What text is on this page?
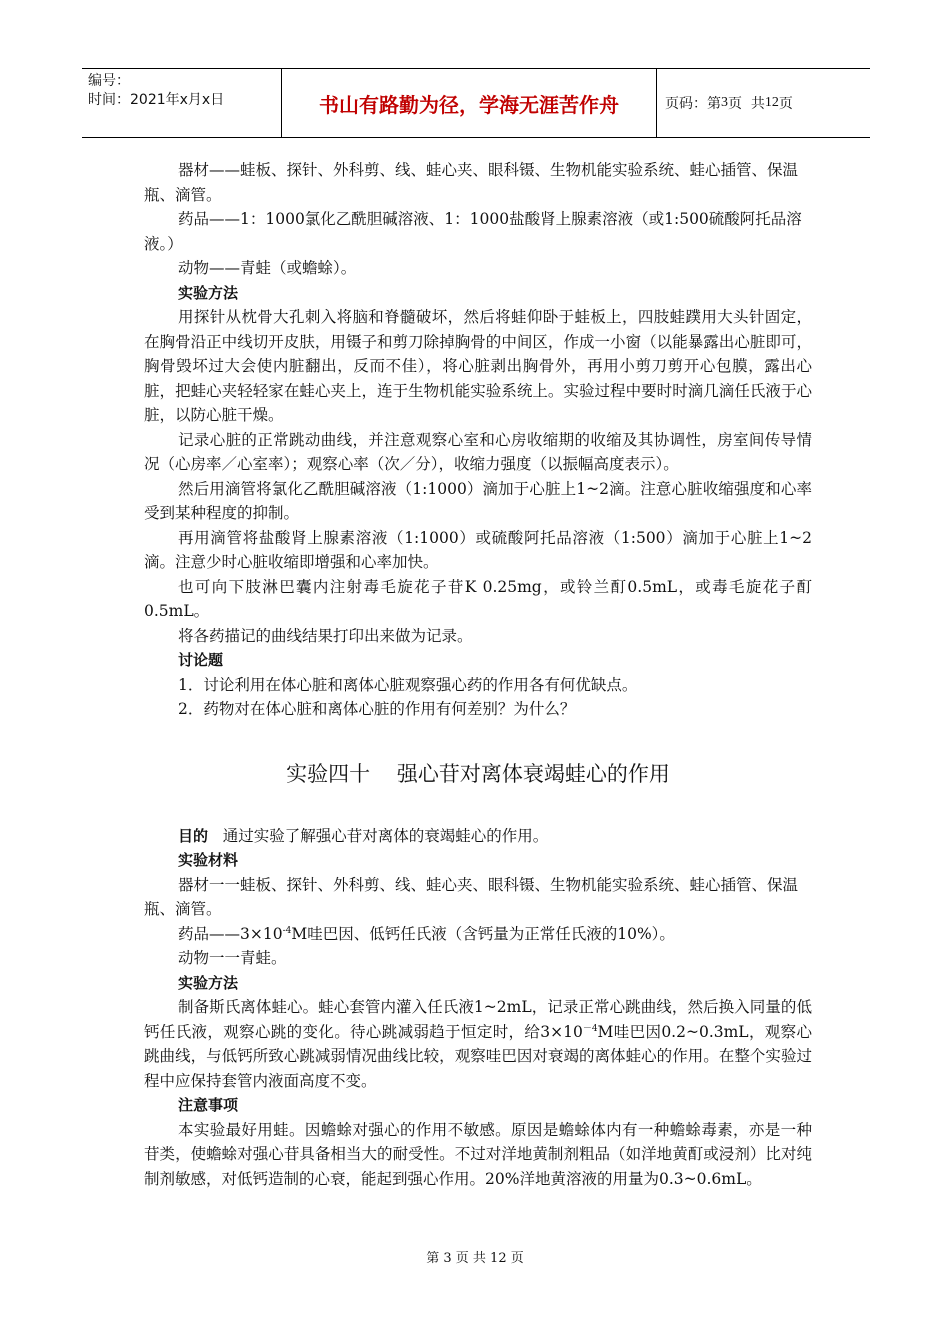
编号：
时间：2021年x月x日	书山有路勤为径，学海无涯苦作舟	页码：第 3 页  共 12 页

器材——蛙板、探针、外科剪、线、蛙心夹、眼科镊、生物机能实验系统、蛙心插管、保温瓶、滴管。

药品——1：1000氯化乙酰胆碱溶液、1：1000盐酸肾上腺素溶液（或1:500硫酸阿托品溶液。）

动物——青蛙（或蟾蜍）。

实验方法

用探针从枕骨大孔刺入将脑和脊髓破坏，然后将蛙仰卧于蛙板上，四肢蛙蹼用大头针固定，在胸骨沿正中线切开皮肤，用镊子和剪刀除掉胸骨的中间区，作成一小窗（以能暴露出心脏即可，胸骨毁坏过大会使内脏翻出，反而不佳），将心脏剥出胸骨外，再用小剪刀剪开心包膜，露出心脏，把蛙心夹轻轻家在蛙心夹上，连于生物机能实验系统上。实验过程中要时时滴几滴任氏液于心脏，以防心脏干燥。

记录心脏的正常跳动曲线，并注意观察心室和心房收缩期的收缩及其协调性，房室间传导情况（心房率／心室率）；观察心率（次／分），收缩力强度（以振幅高度表示）。

然后用滴管将氯化乙酰胆碱溶液（1:1000）滴加于心脏上1~2滴。注意心脏收缩强度和心率受到某种程度的抑制。

再用滴管将盐酸肾上腺素溶液（1:1000）或硫酸阿托品溶液（1:500）滴加于心脏上1~2滴。注意少时心脏收缩即增强和心率加快。

也可向下肢淋巴囊内注射毒毛旋花子苷K 0.25mg，或铃兰酊0.5mL，或毒毛旋花子酊0.5mL。

将各药描记的曲线结果打印出来做为记录。

讨论题

1．讨论利用在体心脏和离体心脏观察强心药的作用各有何优缺点。

2．药物对在体心脏和离体心脏的作用有何差别？为什么？

实验四十    强心苷对离体衰竭蛙心的作用

目的   通过实验了解强心苷对离体的衰竭蛙心的作用。

实验材料

器材一一蛙板、探针、外科剪、线、蛙心夹、眼科镊、生物机能实验系统、蛙心插管、保温瓶、滴管。

药品$——3\times 10^{-4}M$哇巴因、低钙任氏液（含钙量为正常任氏液的10%）。

动物一一青蛙。

实验方法

制备斯氏离体蛙心。蛙心套管内灌入任氏液1~2mL，记录正常心跳曲线，然后换入同量的低钙任氏液，观察心跳的变化。待心跳减弱趋于恒定时，给$3\times 10^{-4}M$哇巴因0.2~0.3mL，观察心跳曲线，与低钙所致心跳减弱情况曲线比较，观察哇巴因对衰竭的离体蛙心的作用。在整个实验过程中应保持套管内液面高度不变。

注意事项

本实验最好用蛙。因蟾蜍对强心的作用不敏感。原因是蟾蜍体内有一种蟾蜍毒素，亦是一种苷类，使蟾蜍对强心苷具备相当大的耐受性。不过对洋地黄制剂粗品（如洋地黄酊或浸剂）比对纯制剂敏感，对低钙造制的心衰，能起到强心作用。20%洋地黄溶液的用量为0.3~0.6mL。

第 3 页 共 12 页
